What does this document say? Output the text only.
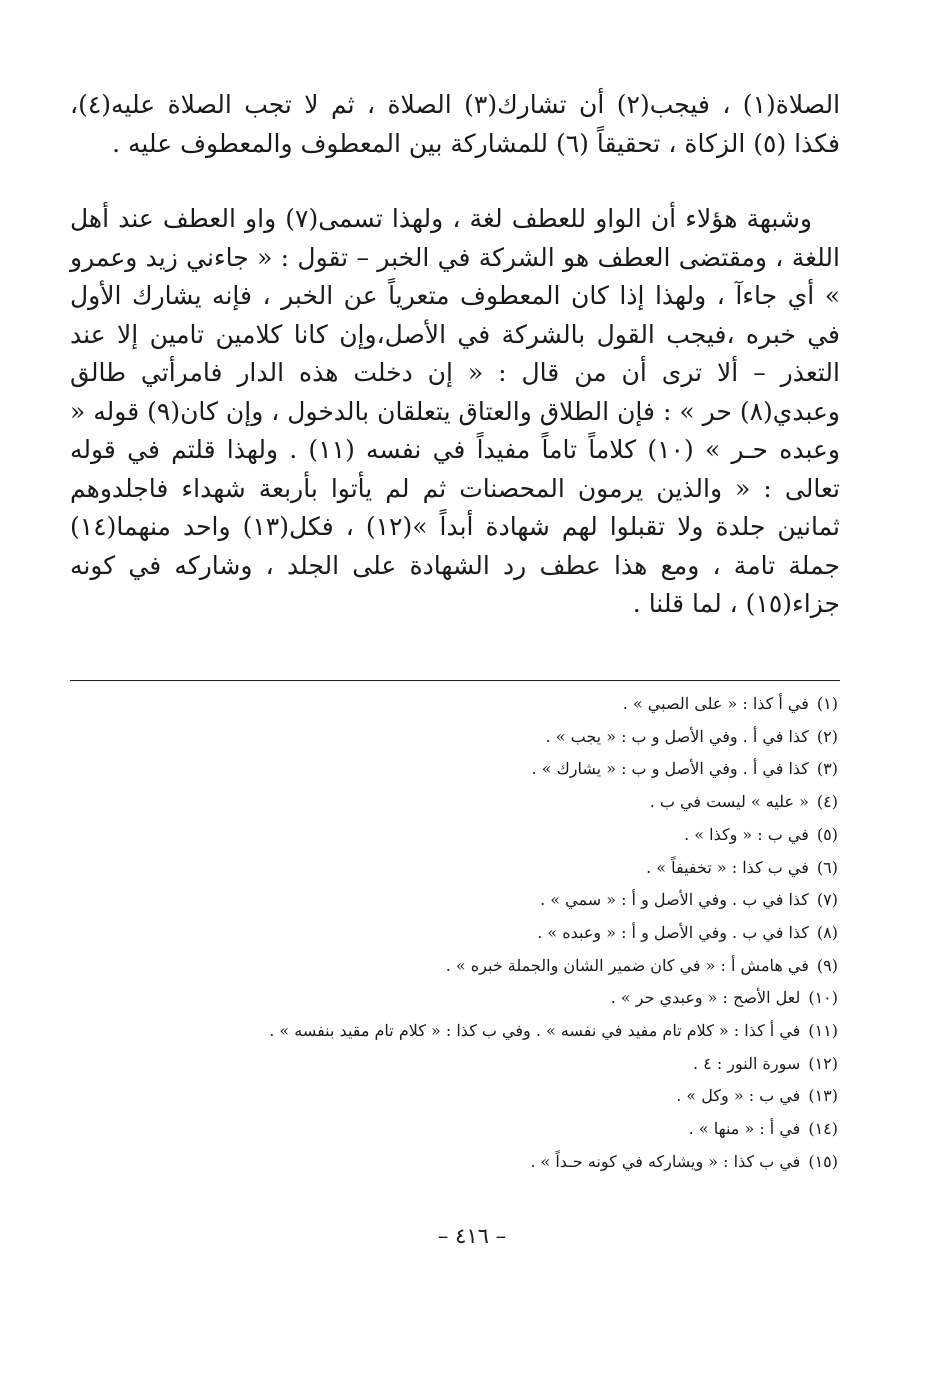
الصلاة(١) ، فيجب(٢) أن تشارك(٣) الصلاة ، ثم لا تجب الصلاة عليه(٤)، فكذا (٥) الزكاة ، تحقيقاً (٦) للمشاركة بين المعطوف والمعطوف عليه .

وشبهة هؤلاء أن الواو للعطف لغة ، ولهذا تسمى(٧) واو العطف عند أهل اللغة ، ومقتضى العطف هو الشركة في الخبر – تقول : « جاءني زيد وعمرو » أي جاءآ ، ولهذا إذا كان المعطوف متعرياً عن الخبر ، فإنه يشارك الأول في خبره ،فيجب القول بالشركة في الأصل،وإن كانا كلامين تامين إلا عند التعذر – ألا ترى أن من قال : « إن دخلت هذه الدار فامرأتي طالق وعبدي(٨) حر » : فإن الطلاق والعتاق يتعلقان بالدخول ، وإن كان(٩) قوله « وعبده حـر » (١٠) كلاماً تاماً مفيداً في نفسه (١١) . ولهذا قلتم في قوله تعالى : « والذين يرمون المحصنات ثم لم يأتوا بأربعة شهداء فاجلدوهم ثمانين جلدة ولا تقبلوا لهم شهادة أبداً »(١٢) ، فكل(١٣) واحد منهما(١٤) جملة تامة ، ومع هذا عطف رد الشهادة على الجلد ، وشاركه في كونه جزاء(١٥) ، لما قلنا .

(١)في أ كذا : « على الصبي » .
(٢)كذا في أ . وفي الأصل و ب : « يجب » .
(٣)كذا في أ . وفي الأصل و ب : « يشارك » .
(٤)« عليه » ليست في ب .
(٥)في ب : « وكذا » .
(٦)في ب كذا : « تخفيفاً » .
(٧)كذا في ب . وفي الأصل و أ : « سمي » .
(٨)كذا في ب . وفي الأصل و أ : « وعبده » .
(٩)في هامش أ : « في كان ضمير الشان والجملة خبره » .
(١٠)لعل الأصح : « وعبدي حر » .
(١١)في أ كذا : « كلام تام مفيد في نفسه » . وفي ب كذا : « كلام تام مقيد بنفسه » .
(١٢)سورة النور : ٤ .
(١٣)في ب : « وكل » .
(١٤)في أ : « منها » .
(١٥)في ب كذا : « ويشاركه في كونه حـداً » .
– ٤١٦ –
